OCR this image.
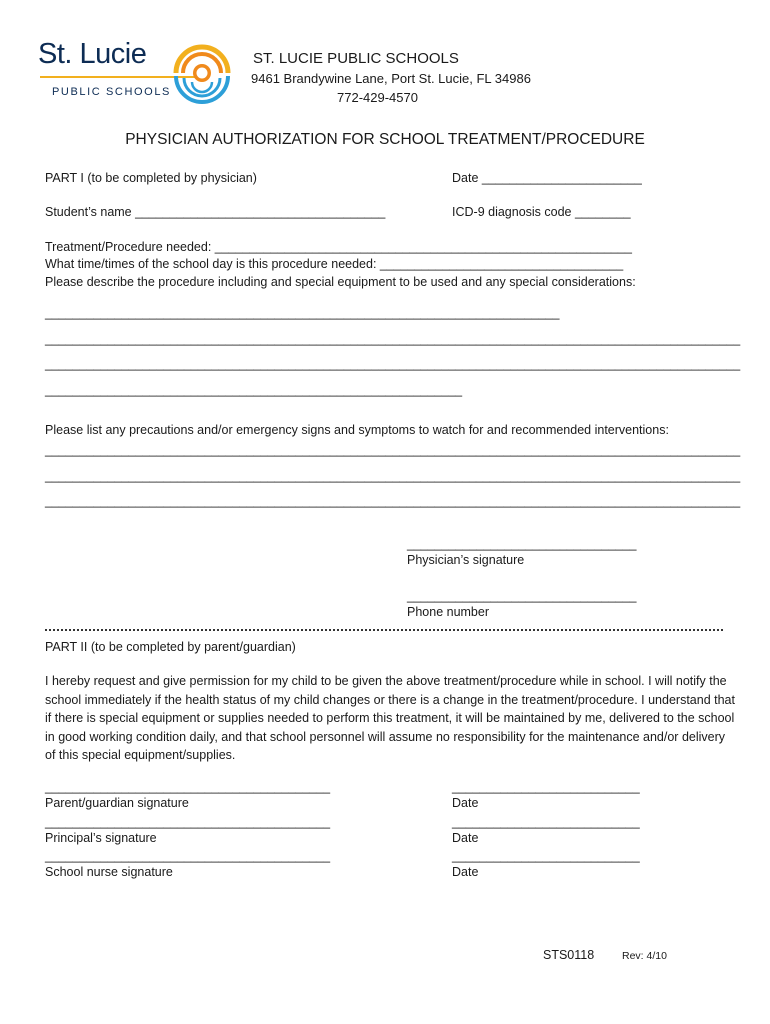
St. Lucie
PUBLIC SCHOOLS
ST. LUCIE PUBLIC SCHOOLS
9461 Brandywine Lane, Port St. Lucie, FL 34986
772-429-4570
PHYSICIAN AUTHORIZATION FOR SCHOOL TREATMENT/PROCEDURE
PART I (to be completed by physician)	Date _______________________
Student’s name ____________________________________	ICD-9 diagnosis code ________
Treatment/Procedure needed: ____________________________________________________________
What time/times of the school day is this procedure needed: ___________________________________
Please describe the procedure including and special equipment to be used and any special considerations:
__________________________________________________________________________
____________________________________________________________________________________________________
____________________________________________________________________________________________________
____________________________________________________________
Please list any precautions and/or emergency signs and symptoms to watch for and recommended interventions:
____________________________________________________________________________________________________
____________________________________________________________________________________________________
____________________________________________________________________________________________________
_________________________________
Physician’s signature
_________________________________
Phone number
PART II (to be completed by parent/guardian)
I hereby request and give permission for my child to be given the above treatment/procedure while in school. I will notify the school immediately if the health status of my child changes or there is a change in the treatment/procedure. I understand that if there is special equipment or supplies needed to perform this treatment, it will be maintained by me, delivered to the school in good working condition daily, and that school personnel will assume no responsibility for the maintenance and/or delivery of this special equipment/supplies.
_________________________________________
Parent/guardian signature
___________________________
Date
_________________________________________
Principal’s signature
___________________________
Date
_________________________________________
School nurse signature
___________________________
Date
STS0118	Rev: 4/10
